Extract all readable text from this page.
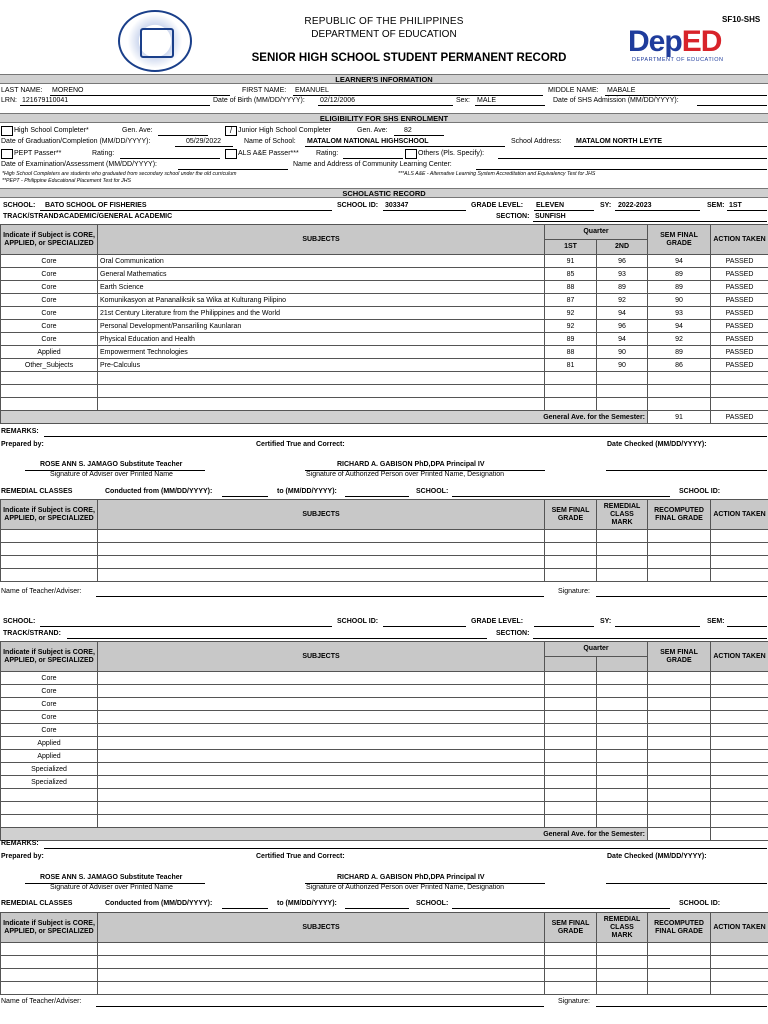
REPUBLIC OF THE PHILIPPINES
DEPARTMENT OF EDUCATION
SENIOR HIGH SCHOOL STUDENT PERMANENT RECORD
SF10-SHS
DepED
DEPARTMENT OF EDUCATION
LEARNER'S INFORMATION
LAST NAME: MORENO	FIRST NAME: EMANUEL	MIDDLE NAME: MABALE
LRN: 121679110041	Date of Birth (MM/DD/YYYY): 02/12/2006	Sex: MALE	Date of SHS Admission (MM/DD/YYYY):
ELIGIBILITY FOR SHS ENROLMENT
High School Completer*	Gen. Ave:	/ Junior High School Completer	Gen. Ave: 82
Date of Graduation/Completion (MM/DD/YYYY):	05/29/2022	Name of School: MATALOM NATIONAL HIGHSCHOOL	School Address: MATALOM NORTH LEYTE
PEPT Passer**	Rating:	ALS A&E Passer*** Rating:	Others (Pls. Specify):
Date of Examination/Assessment (MM/DD/YYYY):	Name and Address of Community Learning Center:
*High School Completers are students who graduated from secondary school under the old curriculum	***ALS A&E - Alternative Learning System Accreditation and Equivalency Test for JHS
**PEPT - Philippine Educational Placement Test for JHS
SCHOLASTIC RECORD
SCHOOL: BATO SCHOOL OF FISHERIES	SCHOOL ID: 303347	GRADE LEVEL: ELEVEN	SY: 2022-2023	SEM: 1ST
TRACK/STRAND:
ACADEMIC/GENERAL ACADEMIC	SECTION: SUNFISH
Indicate if Subject is CORE, APPLIED, or SPECIALIZED	SUBJECTS	Quarter		SEM FINAL GRADE	ACTION TAKEN
		1ST	2ND		
Core	Oral Communication	91	96	94	PASSED
Core	General Mathematics	85	93	89	PASSED
Core	Earth Science	88	89	89	PASSED
Core	Komunikasyon at Pananaliksik sa Wika at Kulturang Pilipino	87	92	90	PASSED
Core	21st Century Literature from the Philippines and the World	92	94	93	PASSED
Core	Personal Development/Pansariling Kaunlaran	92	96	94	PASSED
Core	Physical Education and Health	89	94	92	PASSED
Applied	Empowerment Technologies	88	90	89	PASSED
Other_Subjects	Pre-Calculus	81	90	86	PASSED

General Ave. for the Semester:				91	PASSED
REMARKS:
Prepared by:	Certified True and Correct:	Date Checked (MM/DD/YYYY):
ROSE ANN S. JAMAGO Substitute Teacher
Signature of Adviser over Printed Name
RICHARD A. GABISON PhD,DPA Principal IV
Signature of Authorized Person over Printed Name, Designation
REMEDIAL CLASSES	Conducted from (MM/DD/YYYY):	to (MM/DD/YYYY):	SCHOOL:	SCHOOL ID:
Indicate if Subject is CORE, APPLIED, or SPECIALIZED	SUBJECTS	SEM FINAL GRADE	REMEDIAL CLASS MARK	RECOMPUTED FINAL GRADE	ACTION TAKEN

Name of Teacher/Adviser:	Signature:
SCHOOL:	SCHOOL ID:	GRADE LEVEL:	SY:	SEM:
TRACK/STRAND:	SECTION:
Indicate if Subject is CORE, APPLIED, or SPECIALIZED	SUBJECTS	Quarter		SEM FINAL GRADE	ACTION TAKEN

Core					
Core					
Core					
Core					
Core					
Applied					
Applied					
Specialized					
Specialized					

General Ave. for the Semester:					
REMARKS:
Prepared by:	Certified True and Correct:	Date Checked (MM/DD/YYYY):
ROSE ANN S. JAMAGO Substitute Teacher
Signature of Adviser over Printed Name
RICHARD A. GABISON PhD,DPA Principal IV
Signature of Authorized Person over Printed Name, Designation
REMEDIAL CLASSES	Conducted from (MM/DD/YYYY):	to (MM/DD/YYYY):	SCHOOL:	SCHOOL ID:
Indicate if Subject is CORE, APPLIED, or SPECIALIZED	SUBJECTS	SEM FINAL GRADE	REMEDIAL CLASS MARK	RECOMPUTED FINAL GRADE	ACTION TAKEN

Name of Teacher/Adviser:	Signature:
